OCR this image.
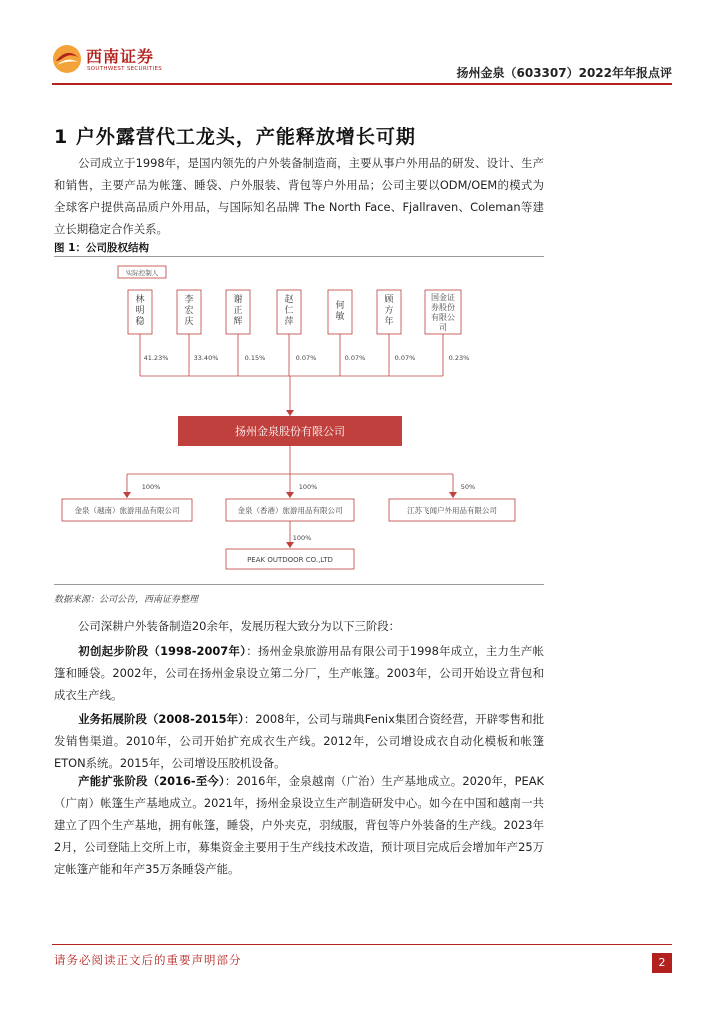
西南证券
SOUTHWEST SECURITIES	扬州金泉（603307）2022年年报点评
1 户外露营代工龙头，产能释放增长可期
公司成立于1998年，是国内领先的户外装备制造商，主要从事户外用品的研发、设计、生产和销售，主要产品为帐篷、睡袋、户外服装、背包等户外用品；公司主要以ODM/OEM的模式为全球客户提供高品质户外用品，与国际知名品牌 The North Face、Fjallraven、Coleman等建立长期稳定合作关系。
图 1：公司股权结构
实际控制人
林明稳
李宏庆
谢正辉
赵仁萍
何敏
顾方年
国金证券股份有限公司
41.23%	33.40%	0.15%	0.07%	0.07%	0.07%	0.23%
扬州金泉股份有限公司
100%	100%	50%
金泉（越南）旅游用品有限公司	金泉（香港）旅游用品有限公司	江苏飞闻户外用品有限公司
100%
PEAK OUTDOOR CO.,LTD
数据来源：公司公告，西南证券整理
公司深耕户外装备制造20余年，发展历程大致分为以下三阶段：
初创起步阶段（1998-2007年）：扬州金泉旅游用品有限公司于1998年成立，主力生产帐篷和睡袋。2002年，公司在扬州金泉设立第二分厂，生产帐篷。2003年，公司开始设立背包和成衣生产线。
业务拓展阶段（2008-2015年）：2008年，公司与瑞典Fenix集团合资经营，开辟零售和批发销售渠道。2010年，公司开始扩充成衣生产线。2012年，公司增设成衣自动化模板和帐篷ETON系统。2015年，公司增设压胶机设备。
产能扩张阶段（2016-至今）：2016年，金泉越南（广治）生产基地成立。2020年，PEAK（广南）帐篷生产基地成立。2021年，扬州金泉设立生产制造研发中心。如今在中国和越南一共建立了四个生产基地，拥有帐篷，睡袋，户外夹克，羽绒服，背包等户外装备的生产线。2023年2月，公司登陆上交所上市，募集资金主要用于生产线技术改造，预计项目完成后会增加年产25万定帐篷产能和年产35万条睡袋产能。
请务必阅读正文后的重要声明部分	2
